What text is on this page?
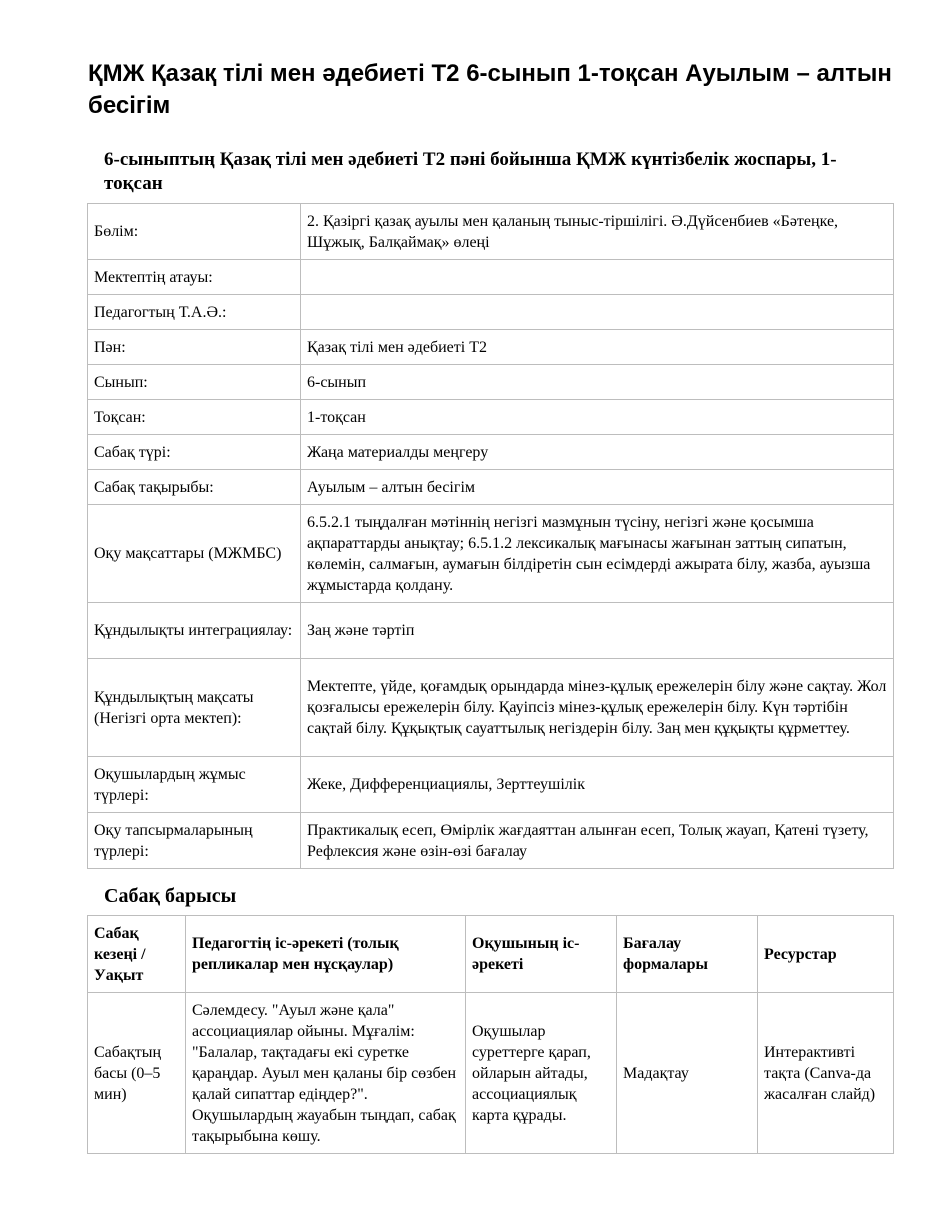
ҚМЖ Қазақ тілі мен әдебиеті Т2 6-сынып 1-тоқсан Ауылым – алтын бесігім
6-сыныптың Қазақ тілі мен әдебиеті Т2 пәні бойынша ҚМЖ күнтізбелік жоспары, 1-тоқсан
Бөлім:	2. Қазіргі қазақ ауылы мен қаланың тыныс-тіршілігі. Ә.Дүйсенбиев «Бәтеңке, Шұжық, Балқаймақ» өлеңі
Мектептің атауы:	
Педагогтың Т.А.Ә.:	
Пән:	Қазақ тілі мен әдебиеті Т2
Сынып:	6-сынып
Тоқсан:	1-тоқсан
Сабақ түрі:	Жаңа материалды меңгеру
Сабақ тақырыбы:	Ауылым – алтын бесігім
Оқу мақсаттары (МЖМБС)	6.5.2.1 тыңдалған мәтіннің негізгі мазмұнын түсіну, негізгі және қосымша ақпараттарды анықтау; 6.5.1.2 лексикалық мағынасы жағынан заттың сипатын, көлемін, салмағын, аумағын білдіретін сын есімдерді ажырата білу, жазба, ауызша жұмыстарда қолдану.
Құндылықты интеграциялау:	Заң және тәртіп
Құндылықтың мақсаты (Негізгі орта мектеп):	Мектепте, үйде, қоғамдық орындарда мінез-құлық ережелерін білу және сақтау. Жол қозғалысы ережелерін білу. Қауіпсіз мінез-құлық ережелерін білу. Күн тәртібін сақтай білу. Құқықтық сауаттылық негіздерін білу. Заң мен құқықты құрметтеу.
Оқушылардың жұмыс түрлері:	Жеке, Дифференциациялы, Зерттеушілік
Оқу тапсырмаларының түрлері:	Практикалық есеп, Өмірлік жағдаяттан алынған есеп, Толық жауап, Қатені түзету, Рефлексия және өзін-өзі бағалау
Сабақ барысы
Сабақ кезеңі / Уақыт	Педагогтің іс-әрекеті (толық репликалар мен нұсқаулар)	Оқушының іс-әрекеті	Бағалау формалары	Ресурстар
Сабақтың басы (0–5 мин)	Сәлемдесу. "Ауыл және қала" ассоциациялар ойыны. Мұғалім: "Балалар, тақтадағы екі суретке қараңдар. Ауыл мен қаланы бір сөзбен қалай сипаттар едіңдер?". Оқушылардың жауабын тыңдап, сабақ тақырыбына көшу.	Оқушылар суреттерге қарап, ойларын айтады, ассоциациялық карта құрады.	Мадақтау	Интерактивті тақта (Canva-да жасалған слайд)
